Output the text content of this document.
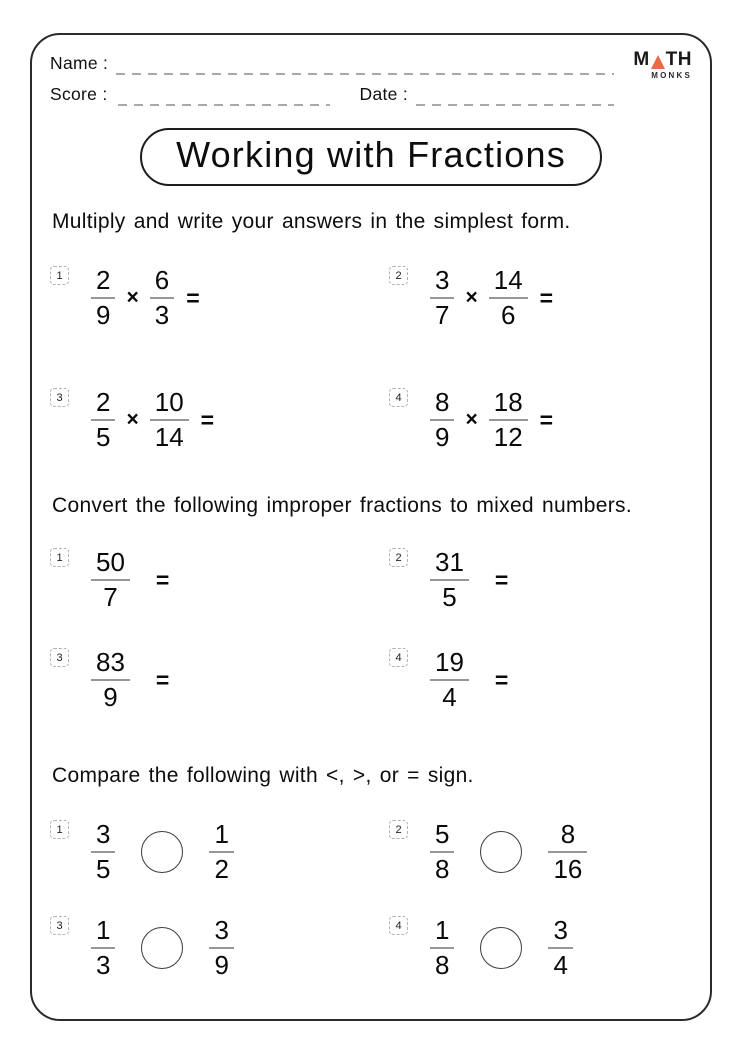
Name :
Score :	Date :
M TH
MONKS
Working with Fractions
Multiply and write your answers in the simplest form.
$1 \frac{2}{9} \times \frac{6}{3}$ =
$2 \frac{3}{7} \times \frac{14}{6}$ =
$3 \frac{2}{5} \times \frac{10}{14}$ =
$4 \frac{8}{9} \times \frac{18}{12}$ =
Convert the following improper fractions to mixed numbers.
$1 \frac{50}{7}$ =
$2 \frac{31}{5}$ =
$3 \frac{83}{9}$ =
$4 \frac{19}{4}$ =
Compare the following with <, >, or = sign.
$1 \frac{3}{5}$	$\frac{1}{2}$	$2 \frac{5}{8}$	$\frac{8}{16}$
$3 \frac{1}{3}$	$\frac{3}{9}$	$4 \frac{1}{8}$	$\frac{3}{4}$
